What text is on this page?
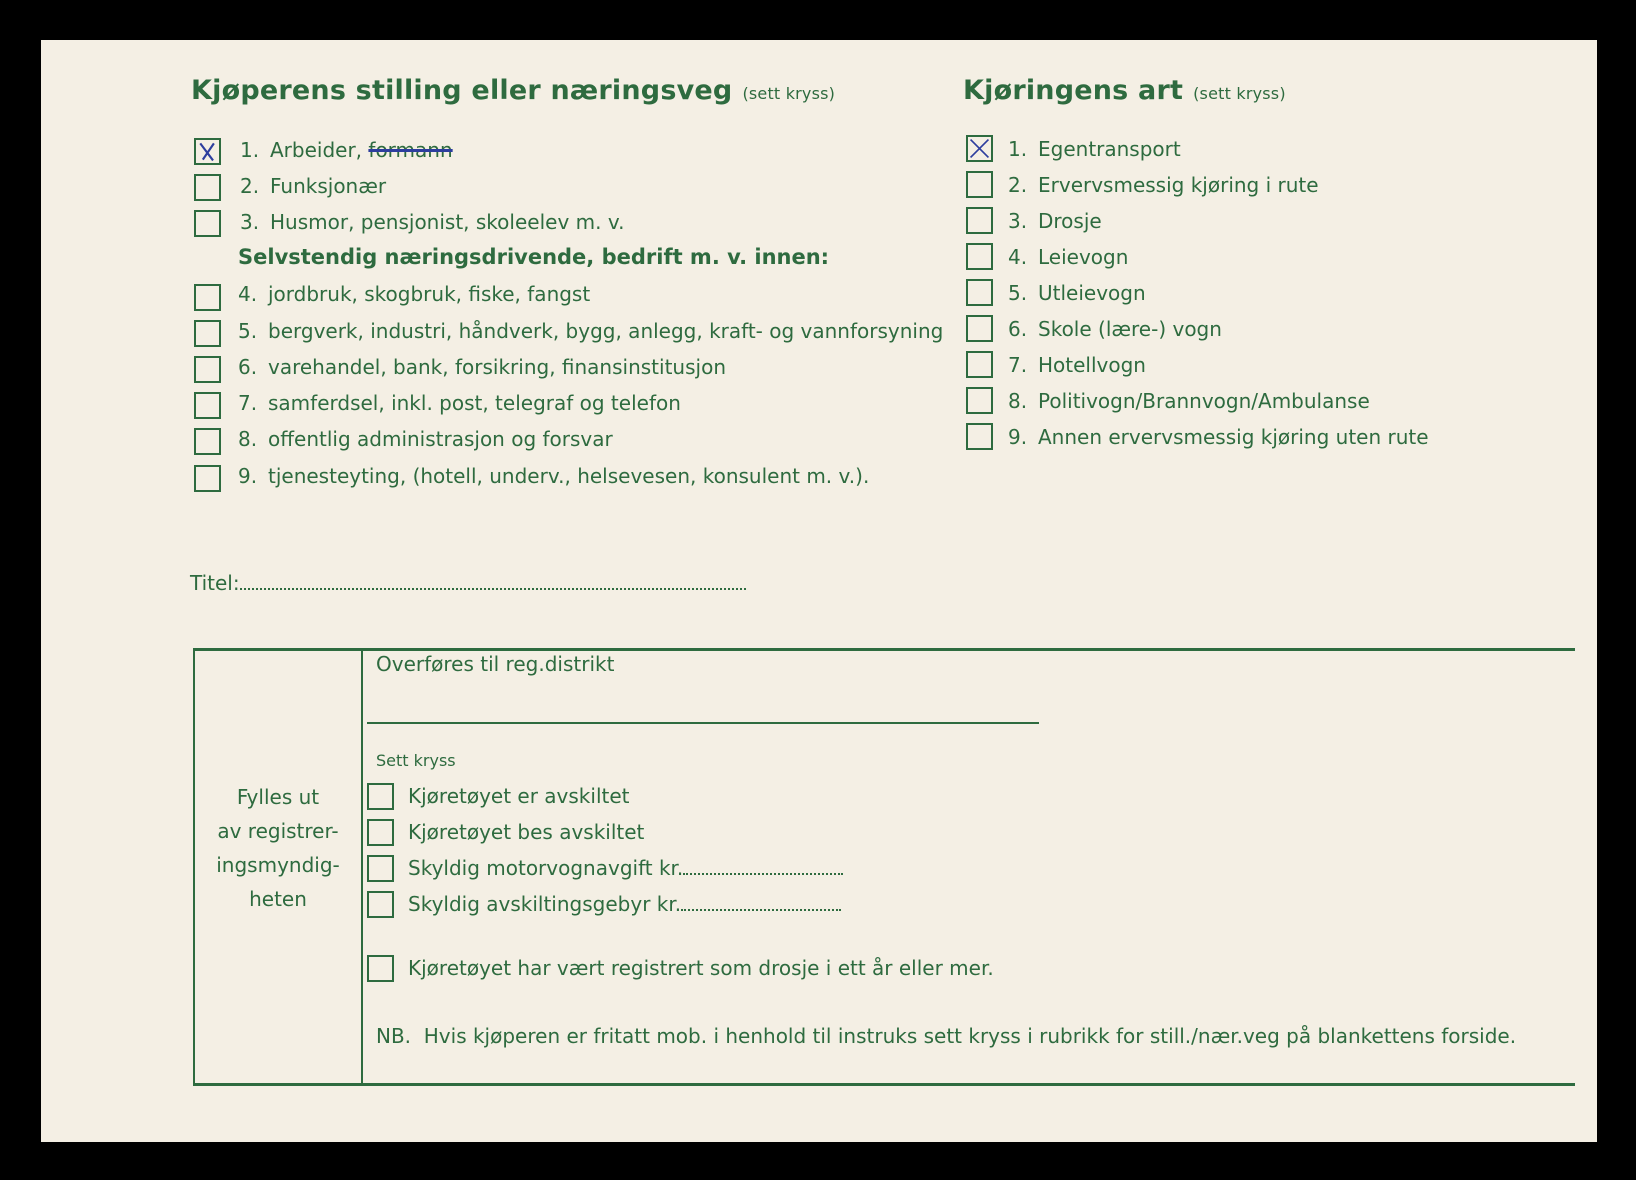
Kjøperens stilling eller næringsveg (sett kryss)	Kjøringens art (sett kryss)
1. Arbeider, formann
2. Funksjonær
3. Husmor, pensjonist, skoleelev m. v.
Selvstendig næringsdrivende, bedrift m. v. innen:
4. jordbruk, skogbruk, fiske, fangst
5. bergverk, industri, håndverk, bygg, anlegg, kraft- og vannforsyning
6. varehandel, bank, forsikring, finansinstitusjon
7. samferdsel, inkl. post, telegraf og telefon
8. offentlig administrasjon og forsvar
9. tjenesteyting, (hotell, underv., helsevesen, konsulent m. v.).
1. Egentransport
2. Ervervsmessig kjøring i rute
3. Drosje
4. Leievogn
5. Utleievogn
6. Skole (lære-) vogn
7. Hotellvogn
8. Politivogn/Brannvogn/Ambulanse
9. Annen ervervsmessig kjøring uten rute
Titel:
Fylles ut
av registrer-
ingsmyndig-
heten
Overføres til reg.distrikt
Sett kryss
Kjøretøyet er avskiltet
Kjøretøyet bes avskiltet
Skyldig motorvognavgift kr.
Skyldig avskiltingsgebyr kr.
Kjøretøyet har vært registrert som drosje i ett år eller mer.
NB. Hvis kjøperen er fritatt mob. i henhold til instruks sett kryss i rubrikk for still./nær.veg på blankettens forside.
